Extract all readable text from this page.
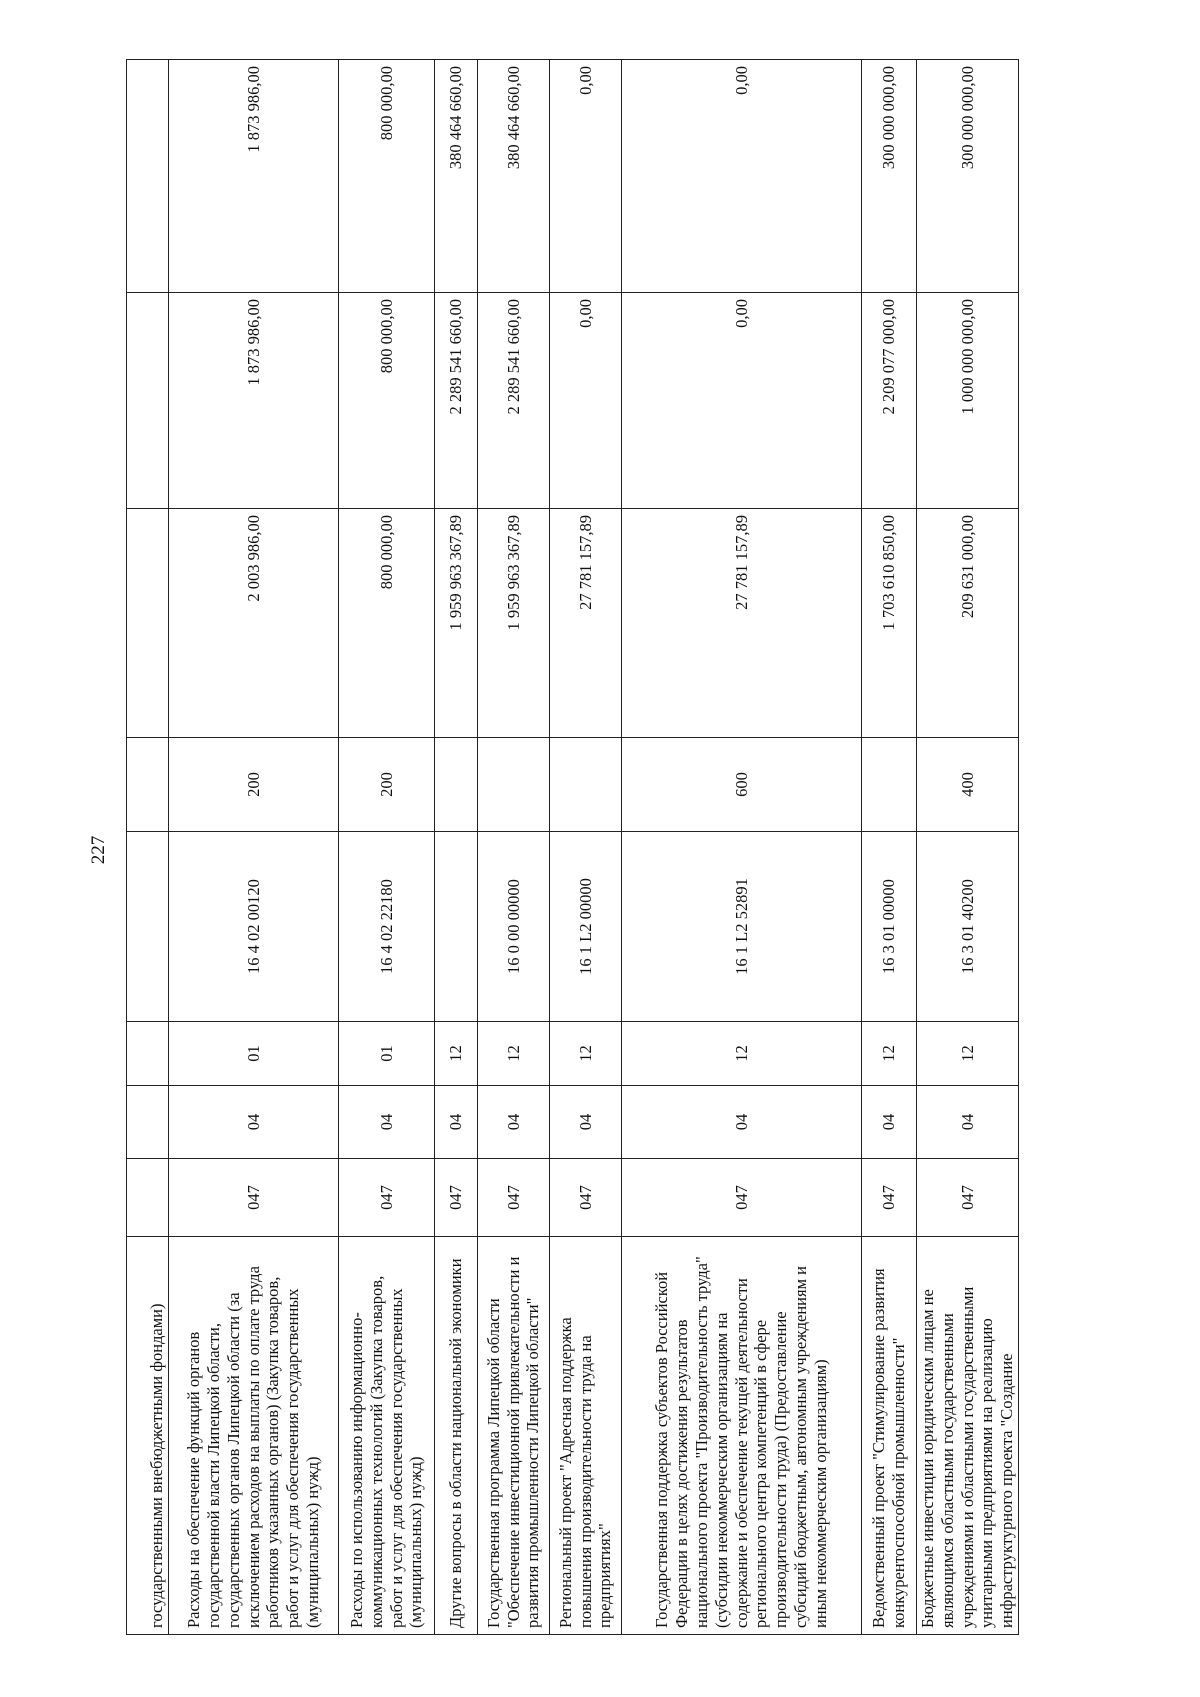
227
государственными внебюджетными фондами)								
Расходы на обеспечение функций органов государственной власти Липецкой области, государственных органов Липецкой области (за исключением расходов на выплаты по оплате труда работников указанных органов) (Закупка товаров, работ и услуг для обеспечения государственных (муниципальных) нужд)	047	04	01	16 4 02 00120	200	2 003 986,00	1 873 986,00	1 873 986,00
Расходы по использованию информационно-коммуникационных технологий (Закупка товаров, работ и услуг для обеспечения государственных (муниципальных) нужд)	047	04	01	16 4 02 22180	200	800 000,00	800 000,00	800 000,00
Другие вопросы в области национальной экономики	047	04	12			1 959 963 367,89	2 289 541 660,00	380 464 660,00
Государственная программа Липецкой области "Обеспечение инвестиционной привлекательности и развития промышленности Липецкой области"	047	04	12	16 0 00 00000		1 959 963 367,89	2 289 541 660,00	380 464 660,00
Региональный проект "Адресная поддержка повышения производительности труда на предприятиях"	047	04	12	16 1 L2 00000		27 781 157,89	0,00	0,00
Государственная поддержка субъектов Российской Федерации в целях достижения результатов национального проекта "Производительность труда" (субсидии некоммерческим организациям на содержание и обеспечение текущей деятельности регионального центра компетенций в сфере производительности труда) (Предоставление субсидий бюджетным, автономным учреждениям и иным некоммерческим организациям)	047	04	12	16 1 L2 52891	600	27 781 157,89	0,00	0,00
Ведомственный проект "Стимулирование развития конкурентоспособной промышленности"	047	04	12	16 3 01 00000		1 703 610 850,00	2 209 077 000,00	300 000 000,00
Бюджетные инвестиции юридическим лицам не являющимся областными государственными учреждениями и областными государственными унитарными предприятиями на реализацию инфраструктурного проекта "Создание	047	04	12	16 3 01 40200	400	209 631 000,00	1 000 000 000,00	300 000 000,00
